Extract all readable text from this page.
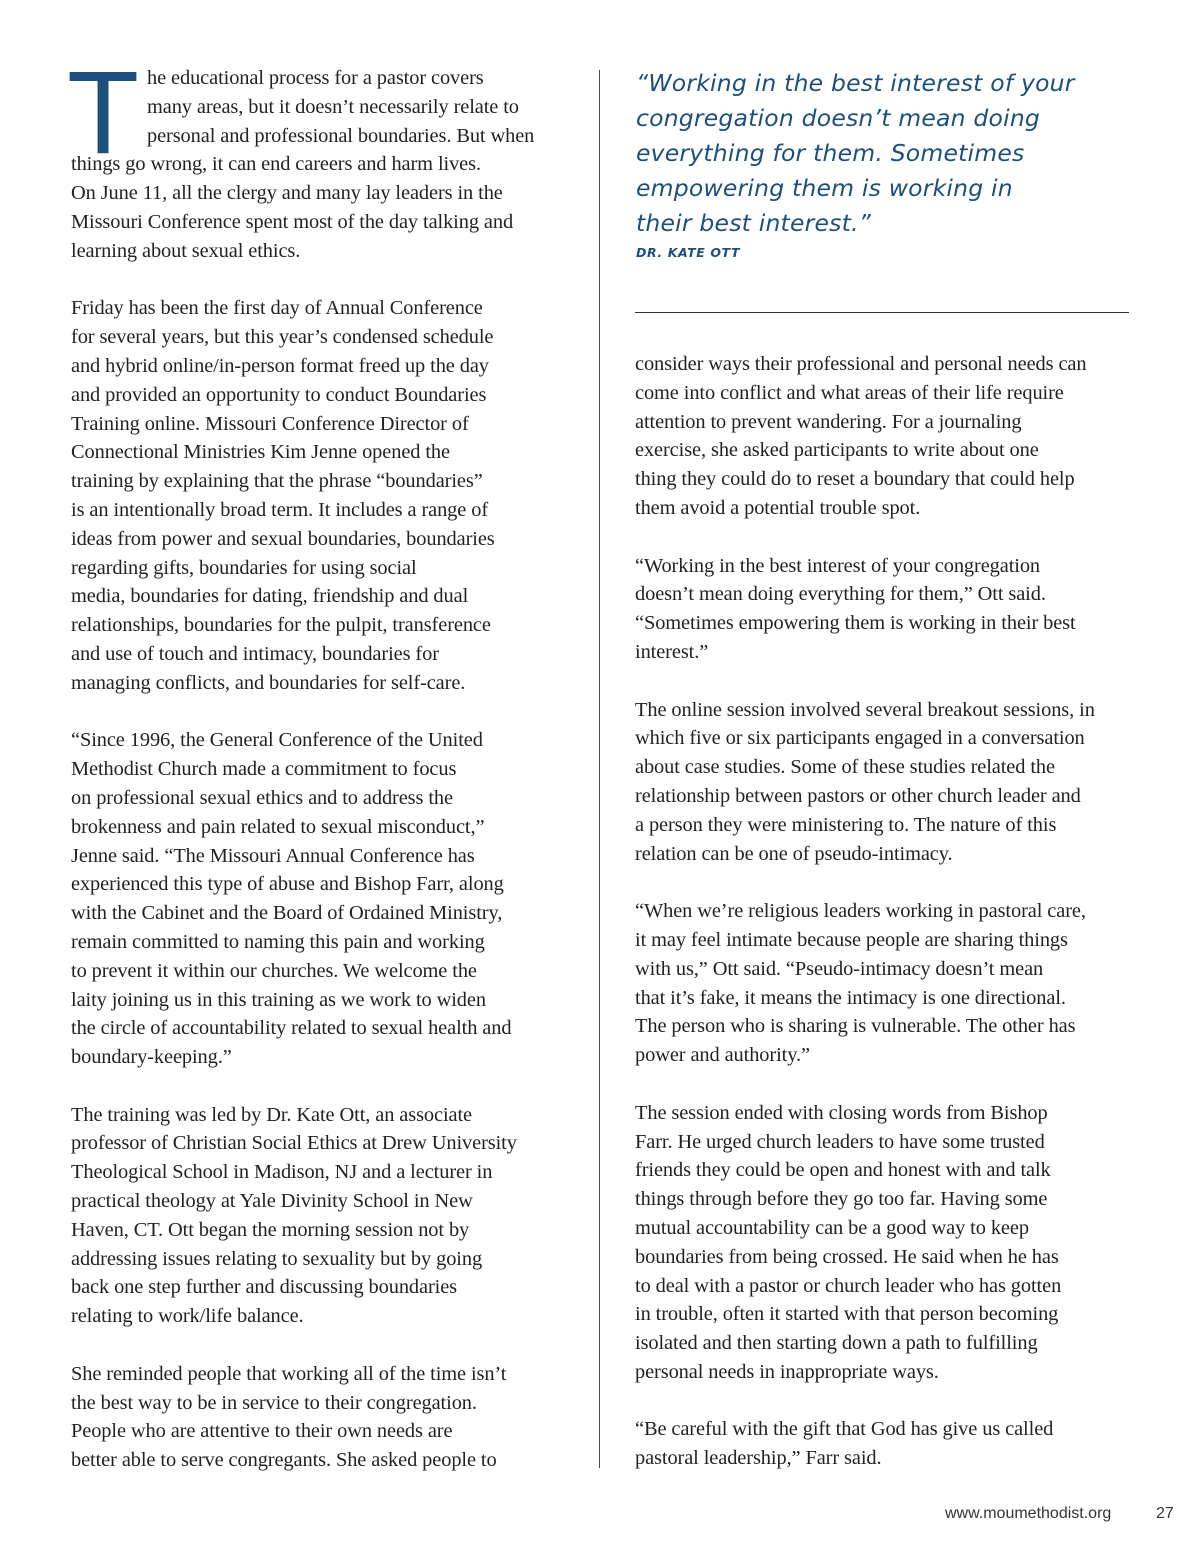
T he educational process for a pastor covers
many areas, but it doesn’t necessarily relate to
personal and professional boundaries. But when
things go wrong, it can end careers and harm lives.
On June 11, all the clergy and many lay leaders in the
Missouri Conference spent most of the day talking and
learning about sexual ethics.
Friday has been the first day of Annual Conference
for several years, but this year’s condensed schedule
and hybrid online/in-person format freed up the day
and provided an opportunity to conduct Boundaries
Training online. Missouri Conference Director of
Connectional Ministries Kim Jenne opened the
training by explaining that the phrase “boundaries”
is an intentionally broad term. It includes a range of
ideas from power and sexual boundaries, boundaries
regarding gifts, boundaries for using social
media, boundaries for dating, friendship and dual
relationships, boundaries for the pulpit, transference
and use of touch and intimacy, boundaries for
managing conflicts, and boundaries for self-care.
“Since 1996, the General Conference of the United
Methodist Church made a commitment to focus
on professional sexual ethics and to address the
brokenness and pain related to sexual misconduct,”
Jenne said. “The Missouri Annual Conference has
experienced this type of abuse and Bishop Farr, along
with the Cabinet and the Board of Ordained Ministry,
remain committed to naming this pain and working
to prevent it within our churches. We welcome the
laity joining us in this training as we work to widen
the circle of accountability related to sexual health and
boundary-keeping.”
The training was led by Dr. Kate Ott, an associate
professor of Christian Social Ethics at Drew University
Theological School in Madison, NJ and a lecturer in
practical theology at Yale Divinity School in New
Haven, CT. Ott began the morning session not by
addressing issues relating to sexuality but by going
back one step further and discussing boundaries
relating to work/life balance.
She reminded people that working all of the time isn’t
the best way to be in service to their congregation.
People who are attentive to their own needs are
better able to serve congregants. She asked people to
“Working in the best interest of your
congregation doesn’t mean doing
everything for them. Sometimes
empowering them is working in
their best interest.”
DR. KATE OTT
consider ways their professional and personal needs can
come into conflict and what areas of their life require
attention to prevent wandering. For a journaling
exercise, she asked participants to write about one
thing they could do to reset a boundary that could help
them avoid a potential trouble spot.
“Working in the best interest of your congregation
doesn’t mean doing everything for them,” Ott said.
“Sometimes empowering them is working in their best
interest.”
The online session involved several breakout sessions, in
which five or six participants engaged in a conversation
about case studies. Some of these studies related the
relationship between pastors or other church leader and
a person they were ministering to. The nature of this
relation can be one of pseudo-intimacy.
“When we’re religious leaders working in pastoral care,
it may feel intimate because people are sharing things
with us,” Ott said. “Pseudo-intimacy doesn’t mean
that it’s fake, it means the intimacy is one directional.
The person who is sharing is vulnerable. The other has
power and authority.”
The session ended with closing words from Bishop
Farr. He urged church leaders to have some trusted
friends they could be open and honest with and talk
things through before they go too far. Having some
mutual accountability can be a good way to keep
boundaries from being crossed. He said when he has
to deal with a pastor or church leader who has gotten
in trouble, often it started with that person becoming
isolated and then starting down a path to fulfilling
personal needs in inappropriate ways.
“Be careful with the gift that God has give us called
pastoral leadership,” Farr said.
www.moumethodist.org	27
